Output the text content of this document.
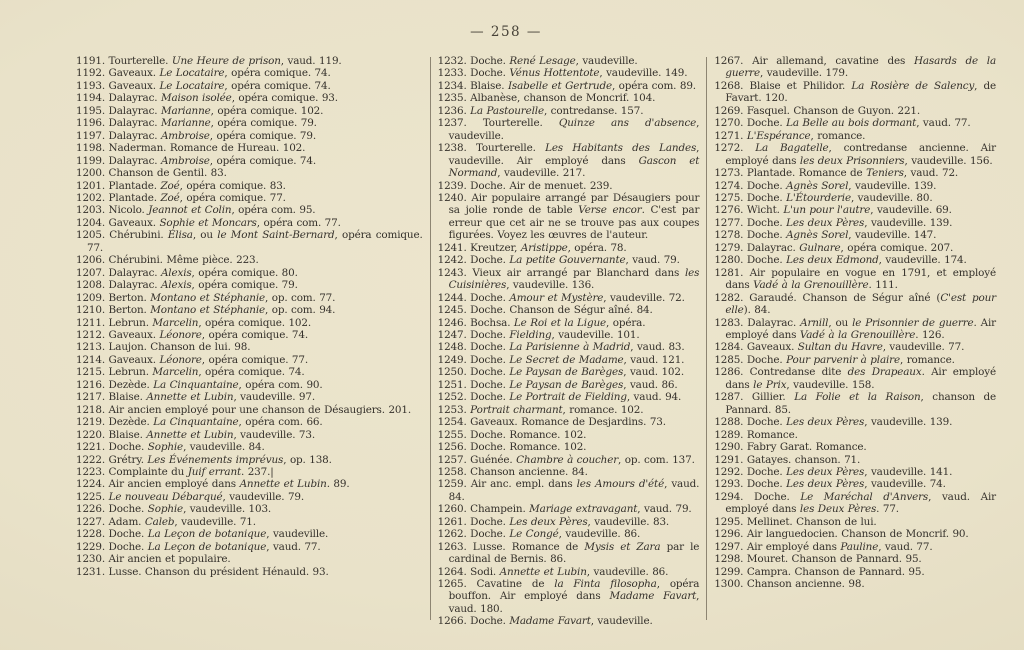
— 258 —
1191. Tourterelle. Une Heure de prison, vaud. 119.
1192. Gaveaux. Le Locataire, opéra comique. 74.
1193. Gaveaux. Le Locataire, opéra comique. 74.
1194. Dalayrac. Maison isolée, opéra comique. 93.
1195. Dalayrac. Marianne, opéra comique. 102.
1196. Dalayrac. Marianne, opéra comique. 79.
1197. Dalayrac. Ambroise, opéra comique. 79.
1198. Naderman. Romance de Hureau. 102.
1199. Dalayrac. Ambroise, opéra comique. 74.
1200. Chanson de Gentil. 83.
1201. Plantade. Zoé, opéra comique. 83.
1202. Plantade. Zoé, opéra comique. 77.
1203. Nicolo. Jeannot et Colin, opéra com. 95.
1204. Gaveaux. Sophie et Moncars, opéra com. 77.
1205. Chérubini. Élisa, ou le Mont Saint-Bernard, opéra comique. 77.
1206. Chérubini. Même pièce. 223.
1207. Dalayrac. Alexis, opéra comique. 80.
1208. Dalayrac. Alexis, opéra comique. 79.
1209. Berton. Montano et Stéphanie, op. com. 77.
1210. Berton. Montano et Stéphanie, op. com. 94.
1211. Lebrun. Marcelin, opéra comique. 102.
1212. Gaveaux. Léonore, opéra comique. 74.
1213. Laujon. Chanson de lui. 98.
1214. Gaveaux. Léonore, opéra comique. 77.
1215. Lebrun. Marcelin, opéra comique. 74.
1216. Dezède. La Cinquantaine, opéra com. 90.
1217. Blaise. Annette et Lubin, vaudeville. 97.
1218. Air ancien employé pour une chanson de Désaugiers. 201.
1219. Dezède. La Cinquantaine, opéra com. 66.
1220. Blaise. Annette et Lubin, vaudeville. 73.
1221. Doche. Sophie, vaudeville. 84.
1222. Grétry. Les Événements imprévus, op. 138.
1223. Complainte du Juif errant. 237.|
1224. Air ancien employé dans Annette et Lubin. 89.
1225. Le nouveau Débarqué, vaudeville. 79.
1226. Doche. Sophie, vaudeville. 103.
1227. Adam. Caleb, vaudeville. 71.
1228. Doche. La Leçon de botanique, vaudeville.
1229. Doche. La Leçon de botanique, vaud. 77.
1230. Air ancien et populaire.
1231. Lusse. Chanson du président Hénauld. 93.
1232. Doche. René Lesage, vaudeville.
1233. Doche. Vénus Hottentote, vaudeville. 149.
1234. Blaise. Isabelle et Gertrude, opéra com. 89.
1235. Albanèse, chanson de Moncrif. 104.
1236. La Pastourelle, contredanse. 157.
1237. Tourterelle. Quinze ans d'absence, vaudeville.
1238. Tourterelle. Les Habitants des Landes, vaudeville. Air employé dans Gascon et Normand, vaudeville. 217.
1239. Doche. Air de menuet. 239.
1240. Air populaire arrangé par Désaugiers pour sa jolie ronde de table Verse encor. C'est par erreur que cet air ne se trouve pas aux coupes figurées. Voyez les œuvres de l'auteur.
1241. Kreutzer, Aristippe, opéra. 78.
1242. Doche. La petite Gouvernante, vaud. 79.
1243. Vieux air arrangé par Blanchard dans les Cuisinières, vaudeville. 136.
1244. Doche. Amour et Mystère, vaudeville. 72.
1245. Doche. Chanson de Ségur aîné. 84.
1246. Bochsa. Le Roi et la Ligue, opéra.
1247. Doche. Fielding, vaudeville. 101.
1248. Doche. La Parisienne à Madrid, vaud. 83.
1249. Doche. Le Secret de Madame, vaud. 121.
1250. Doche. Le Paysan de Barèges, vaud. 102.
1251. Doche. Le Paysan de Barèges, vaud. 86.
1252. Doche. Le Portrait de Fielding, vaud. 94.
1253. Portrait charmant, romance. 102.
1254. Gaveaux. Romance de Desjardins. 73.
1255. Doche. Romance. 102.
1256. Doche. Romance. 102.
1257. Guénée. Chambre à coucher, op. com. 137.
1258. Chanson ancienne. 84.
1259. Air anc. empl. dans les Amours d'été, vaud. 84.
1260. Champein. Mariage extravagant, vaud. 79.
1261. Doche. Les deux Pères, vaudeville. 83.
1262. Doche. Le Congé, vaudeville. 86.
1263. Lusse. Romance de Mysis et Zara par le cardinal de Bernis. 86.
1264. Sodi. Annette et Lubin, vaudeville. 86.
1265. Cavatine de la Finta filosopha, opéra bouffon. Air employé dans Madame Favart, vaud. 180.
1266. Doche. Madame Favart, vaudeville.
1267. Air allemand, cavatine des Hasards de la guerre, vaudeville. 179.
1268. Blaise et Philidor. La Rosière de Salency, de Favart. 120.
1269. Fasquel. Chanson de Guyon. 221.
1270. Doche. La Belle au bois dormant, vaud. 77.
1271. L'Espérance, romance.
1272. La Bagatelle, contredanse ancienne. Air employé dans les deux Prisonniers, vaudeville. 156.
1273. Plantade. Romance de Teniers, vaud. 72.
1274. Doche. Agnès Sorel, vaudeville. 139.
1275. Doche. L'Étourderie, vaudeville. 80.
1276. Wicht. L'un pour l'autre, vaudeville. 69.
1277. Doche. Les deux Pères, vaudeville. 139.
1278. Doche. Agnès Sorel, vaudeville. 147.
1279. Dalayrac. Gulnare, opéra comique. 207.
1280. Doche. Les deux Edmond, vaudeville. 174.
1281. Air populaire en vogue en 1791, et employé dans Vadé à la Grenouillère. 111.
1282. Garaudé. Chanson de Ségur aîné (C'est pour elle). 84.
1283. Dalayrac. Arnill, ou le Prisonnier de guerre. Air employé dans Vadé à la Grenouillère. 126.
1284. Gaveaux. Sultan du Havre, vaudeville. 77.
1285. Doche. Pour parvenir à plaire, romance.
1286. Contredanse dite des Drapeaux. Air employé dans le Prix, vaudeville. 158.
1287. Gillier. La Folie et la Raison, chanson de Pannard. 85.
1288. Doche. Les deux Pères, vaudeville. 139.
1289. Romance.
1290. Fabry Garat. Romance.
1291. Gatayes. chanson. 71.
1292. Doche. Les deux Pères, vaudeville. 141.
1293. Doche. Les deux Pères, vaudeville. 74.
1294. Doche. Le Maréchal d'Anvers, vaud. Air employé dans les Deux Pères. 77.
1295. Mellinet. Chanson de lui.
1296. Air languedocien. Chanson de Moncrif. 90.
1297. Air employé dans Pauline, vaud. 77.
1298. Mouret. Chanson de Pannard. 95.
1299. Campra. Chanson de Pannard. 95.
1300. Chanson ancienne. 98.
